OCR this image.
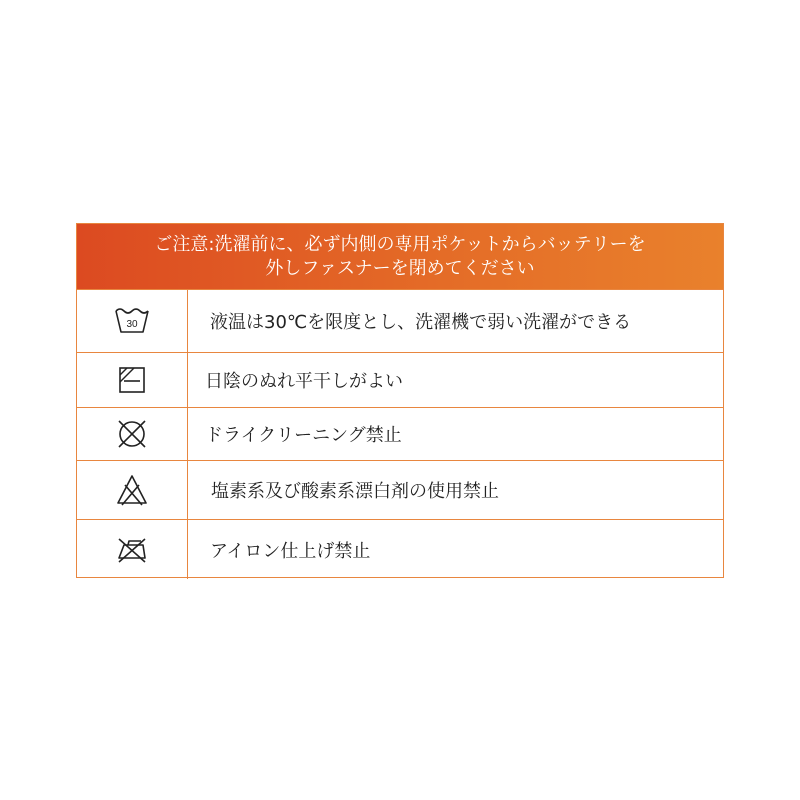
ご注意:洗濯前に、必ず内側の専用ポケットからバッテリーを
外しファスナーを閉めてください
30	液温は30℃を限度とし、洗濯機で弱い洗濯ができる
日陰のぬれ平干しがよい
ドライクリーニング禁止
塩素系及び酸素系漂白剤の使用禁止
アイロン仕上げ禁止
